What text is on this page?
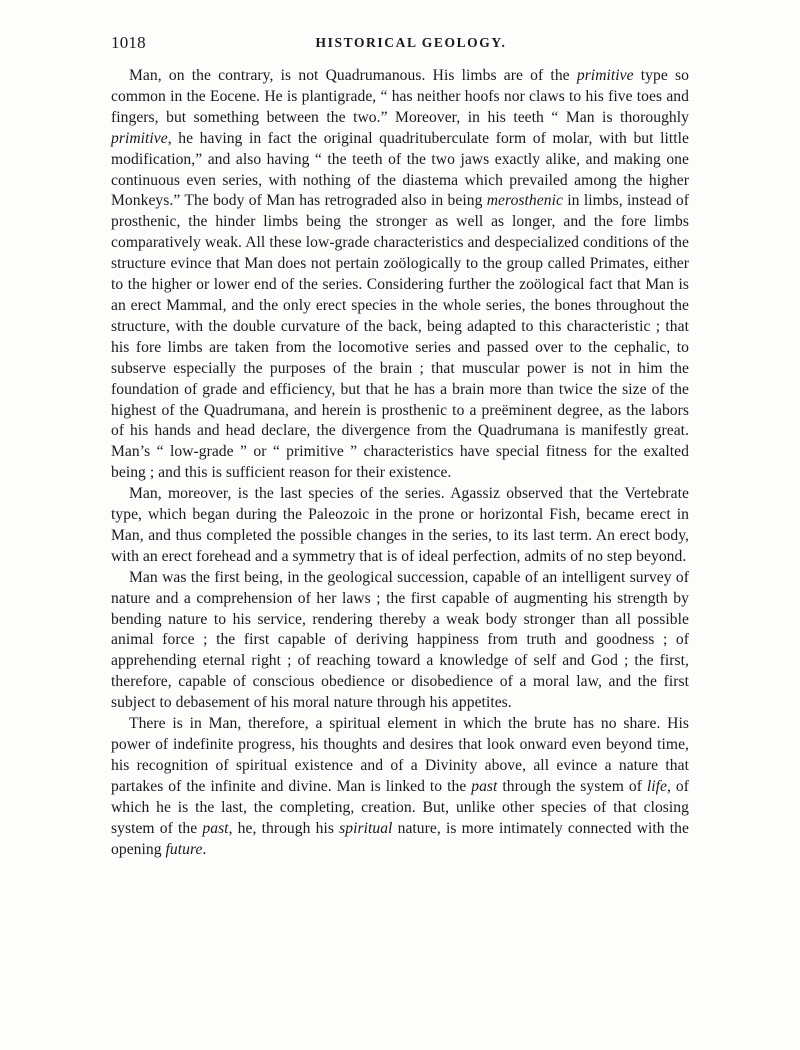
1018	HISTORICAL GEOLOGY.

Man, on the contrary, is not Quadrumanous. His limbs are of the primitive type so common in the Eocene. He is plantigrade, “ has neither hoofs nor claws to his five toes and fingers, but something between the two.” Moreover, in his teeth “ Man is thoroughly primitive, he having in fact the original quadrituberculate form of molar, with but little modification,” and also having “ the teeth of the two jaws exactly alike, and making one continuous even series, with nothing of the diastema which prevailed among the higher Monkeys.” The body of Man has retrograded also in being merosthenic in limbs, instead of prosthenic, the hinder limbs being the stronger as well as longer, and the fore limbs comparatively weak. All these low-grade characteristics and despecialized conditions of the structure evince that Man does not pertain zoölogically to the group called Primates, either to the higher or lower end of the series. Considering further the zoölogical fact that Man is an erect Mammal, and the only erect species in the whole series, the bones throughout the structure, with the double curvature of the back, being adapted to this characteristic ; that his fore limbs are taken from the locomotive series and passed over to the cephalic, to subserve especially the purposes of the brain ; that muscular power is not in him the foundation of grade and efficiency, but that he has a brain more than twice the size of the highest of the Quadrumana, and herein is prosthenic to a preëminent degree, as the labors of his hands and head declare, the divergence from the Quadrumana is manifestly great. Man’s “ low-grade ” or “ primitive ” characteristics have special fitness for the exalted being ; and this is sufficient reason for their existence.

Man, moreover, is the last species of the series. Agassiz observed that the Vertebrate type, which began during the Paleozoic in the prone or horizontal Fish, became erect in Man, and thus completed the possible changes in the series, to its last term. An erect body, with an erect forehead and a symmetry that is of ideal perfection, admits of no step beyond.

Man was the first being, in the geological succession, capable of an intelligent survey of nature and a comprehension of her laws ; the first capable of augmenting his strength by bending nature to his service, rendering thereby a weak body stronger than all possible animal force ; the first capable of deriving happiness from truth and goodness ; of apprehending eternal right ; of reaching toward a knowledge of self and God ; the first, therefore, capable of conscious obedience or disobedience of a moral law, and the first subject to debasement of his moral nature through his appetites.

There is in Man, therefore, a spiritual element in which the brute has no share. His power of indefinite progress, his thoughts and desires that look onward even beyond time, his recognition of spiritual existence and of a Divinity above, all evince a nature that partakes of the infinite and divine. Man is linked to the past through the system of life, of which he is the last, the completing, creation. But, unlike other species of that closing system of the past, he, through his spiritual nature, is more intimately connected with the opening future.
